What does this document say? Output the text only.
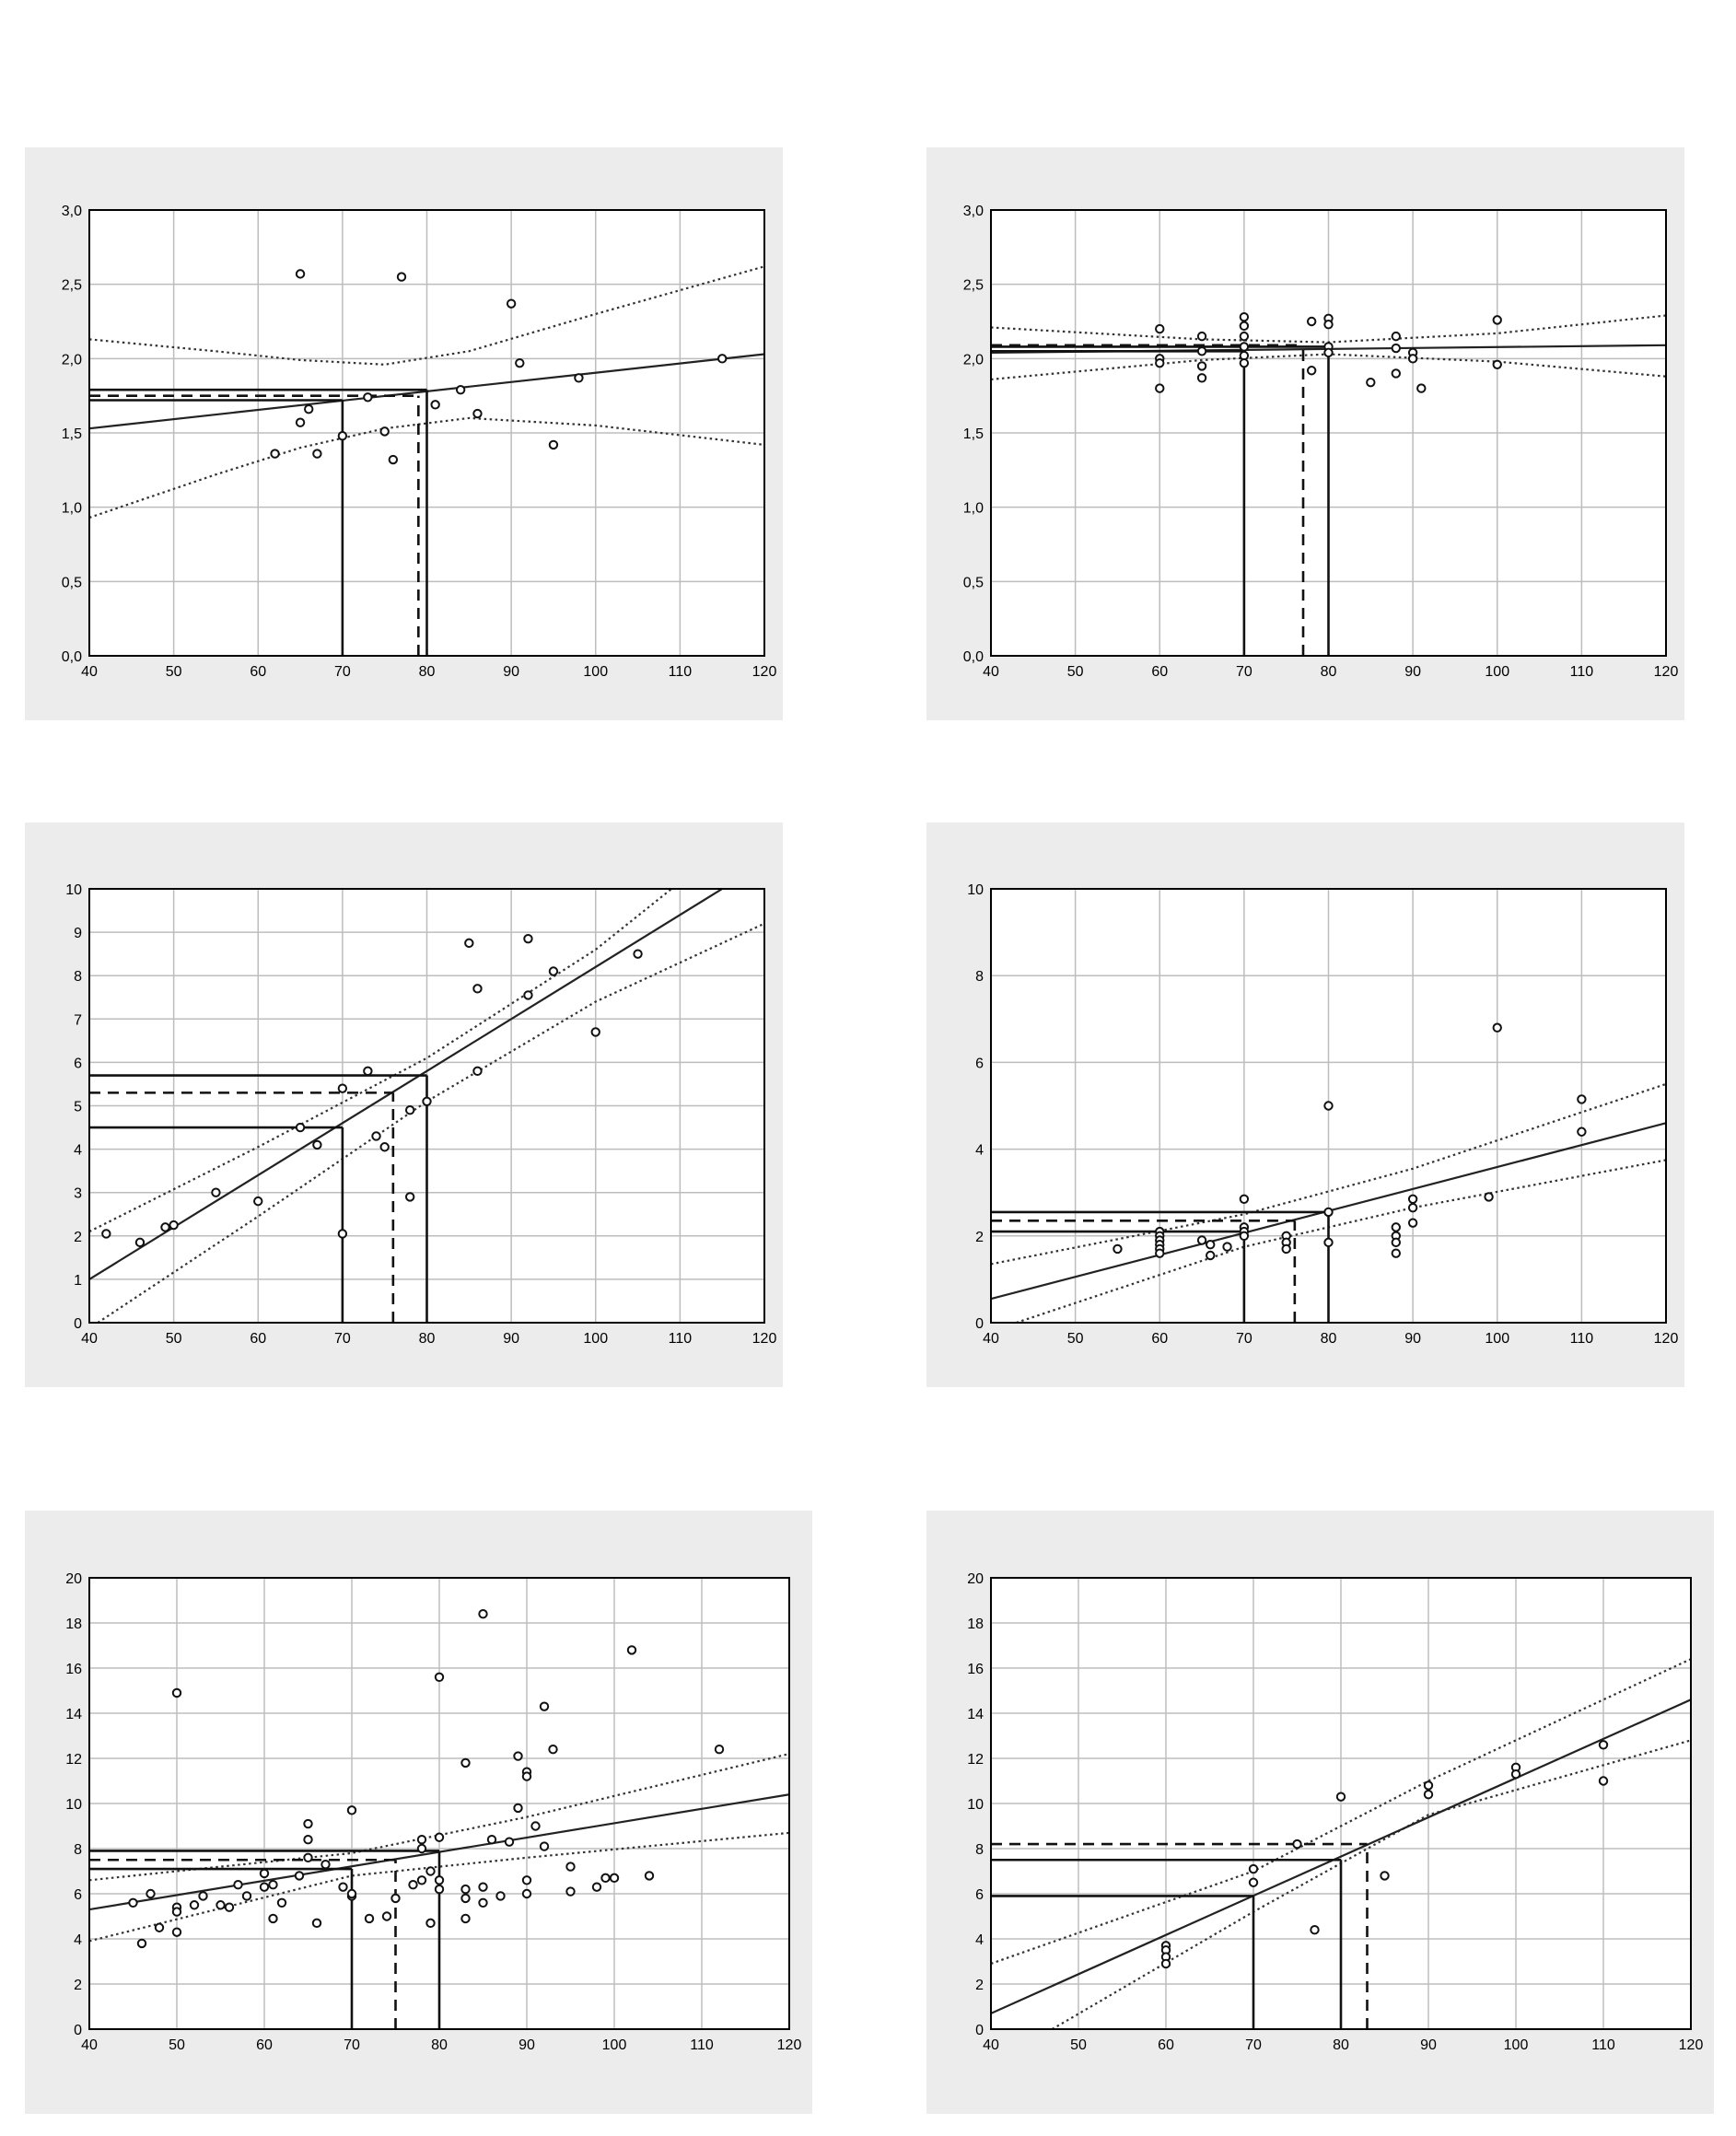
40	50	60	70	80	90	100	110	120
0,0
0,5
1,0
1,5
2,0
2,5
3,0
40	50	60	70	80	90	100	110	120
0,0
0,5
1,0
1,5
2,0
2,5
3,0
40	50	60	70	80	90	100	110	120
0
1
2
3
4
5
6
7
8
9
10
40	50	60	70	80	90	100	110	120
0
2
4
6
8
10
40	50	60	70	80	90	100	110	120
0
2
4
6
8
10
12
14
16
18
20
40	50	60	70	80	90	100	110	120
0
2
4
6
8
10
12
14
16
18
20
